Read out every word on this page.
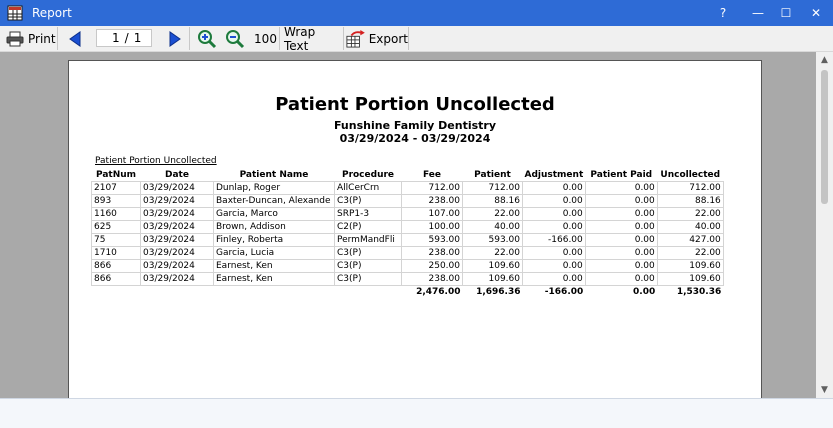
Report	? — ☐ ✕
Print	1 / 1	100 Wrap Text	Export
Patient Portion Uncollected
Funshine Family Dentistry
03/29/2024 - 03/29/2024
Patient Portion Uncollected
PatNum	Date	Patient Name	Procedure	Fee	Patient	Adjustment	Patient Paid	Uncollected
2107	03/29/2024	Dunlap, Roger	AllCerCrn	712.00	712.00	0.00	0.00	712.00
893	03/29/2024	Baxter-Duncan, Alexande	C3(P)	238.00	88.16	0.00	0.00	88.16
1160	03/29/2024	Garcia, Marco	SRP1-3	107.00	22.00	0.00	0.00	22.00
625	03/29/2024	Brown, Addison	C2(P)	100.00	40.00	0.00	0.00	40.00
75	03/29/2024	Finley, Roberta	PermMandFli	593.00	593.00	-166.00	0.00	427.00
1710	03/29/2024	Garcia, Lucia	C3(P)	238.00	22.00	0.00	0.00	22.00
866	03/29/2024	Earnest, Ken	C3(P)	250.00	109.60	0.00	0.00	109.60
866	03/29/2024	Earnest, Ken	C3(P)	238.00	109.60	0.00	0.00	109.60
				2,476.00	1,696.36	-166.00	0.00	1,530.36
▲
▼
